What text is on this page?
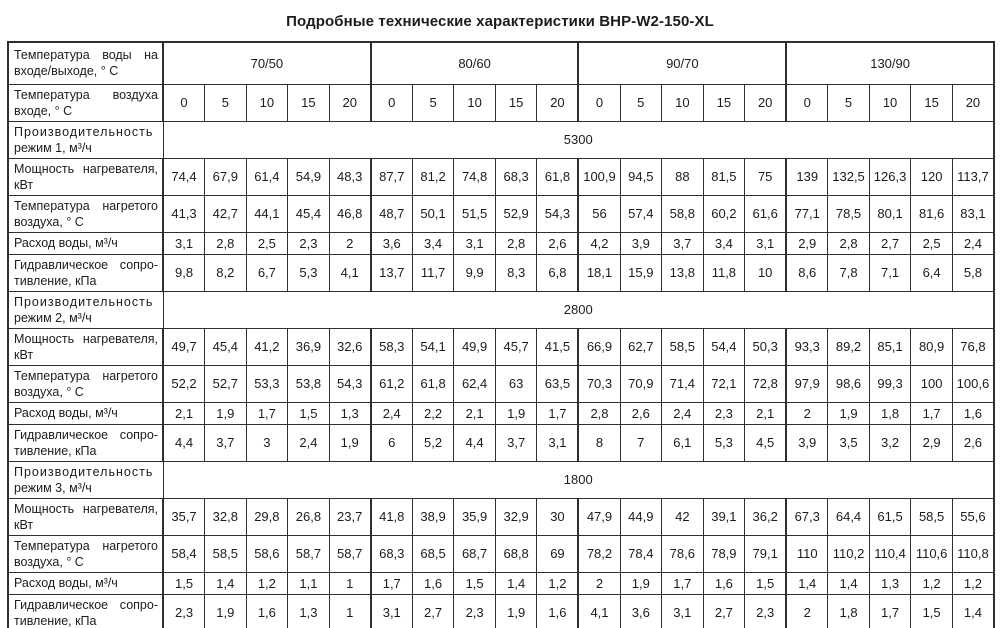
Подробные технические характеристики BHP-W2-150-XL
Температура воды на входе/выходе, ° С	70/50					80/60					90/70					130/90				
Температура воздуха входе, ° С	0	5	10	15	20	0	5	10	15	20	0	5	10	15	20	0	5	10	15	20
Производительность режим 1, м³/ч	5300																			
Мощность нагревателя, кВт	74,4	67,9	61,4	54,9	48,3	87,7	81,2	74,8	68,3	61,8	100,9	94,5	88	81,5	75	139	132,5	126,3	120	113,7
Температура нагретого воздуха, ° С	41,3	42,7	44,1	45,4	46,8	48,7	50,1	51,5	52,9	54,3	56	57,4	58,8	60,2	61,6	77,1	78,5	80,1	81,6	83,1
Расход воды, м³/ч	3,1	2,8	2,5	2,3	2	3,6	3,4	3,1	2,8	2,6	4,2	3,9	3,7	3,4	3,1	2,9	2,8	2,7	2,5	2,4
Гидравлическое сопро-тивление, кПа	9,8	8,2	6,7	5,3	4,1	13,7	11,7	9,9	8,3	6,8	18,1	15,9	13,8	11,8	10	8,6	7,8	7,1	6,4	5,8
Производительность режим 2, м³/ч	2800																			
Мощность нагревателя, кВт	49,7	45,4	41,2	36,9	32,6	58,3	54,1	49,9	45,7	41,5	66,9	62,7	58,5	54,4	50,3	93,3	89,2	85,1	80,9	76,8
Температура нагретого воздуха, ° С	52,2	52,7	53,3	53,8	54,3	61,2	61,8	62,4	63	63,5	70,3	70,9	71,4	72,1	72,8	97,9	98,6	99,3	100	100,6
Расход воды, м³/ч	2,1	1,9	1,7	1,5	1,3	2,4	2,2	2,1	1,9	1,7	2,8	2,6	2,4	2,3	2,1	2	1,9	1,8	1,7	1,6
Гидравлическое сопро-тивление, кПа	4,4	3,7	3	2,4	1,9	6	5,2	4,4	3,7	3,1	8	7	6,1	5,3	4,5	3,9	3,5	3,2	2,9	2,6
Производительность режим 3, м³/ч	1800																			
Мощность нагревателя, кВт	35,7	32,8	29,8	26,8	23,7	41,8	38,9	35,9	32,9	30	47,9	44,9	42	39,1	36,2	67,3	64,4	61,5	58,5	55,6
Температура нагретого воздуха, ° С	58,4	58,5	58,6	58,7	58,7	68,3	68,5	68,7	68,8	69	78,2	78,4	78,6	78,9	79,1	110	110,2	110,4	110,6	110,8
Расход воды, м³/ч	1,5	1,4	1,2	1,1	1	1,7	1,6	1,5	1,4	1,2	2	1,9	1,7	1,6	1,5	1,4	1,4	1,3	1,2	1,2
Гидравлическое сопро-тивление, кПа	2,3	1,9	1,6	1,3	1	3,1	2,7	2,3	1,9	1,6	4,1	3,6	3,1	2,7	2,3	2	1,8	1,7	1,5	1,4
